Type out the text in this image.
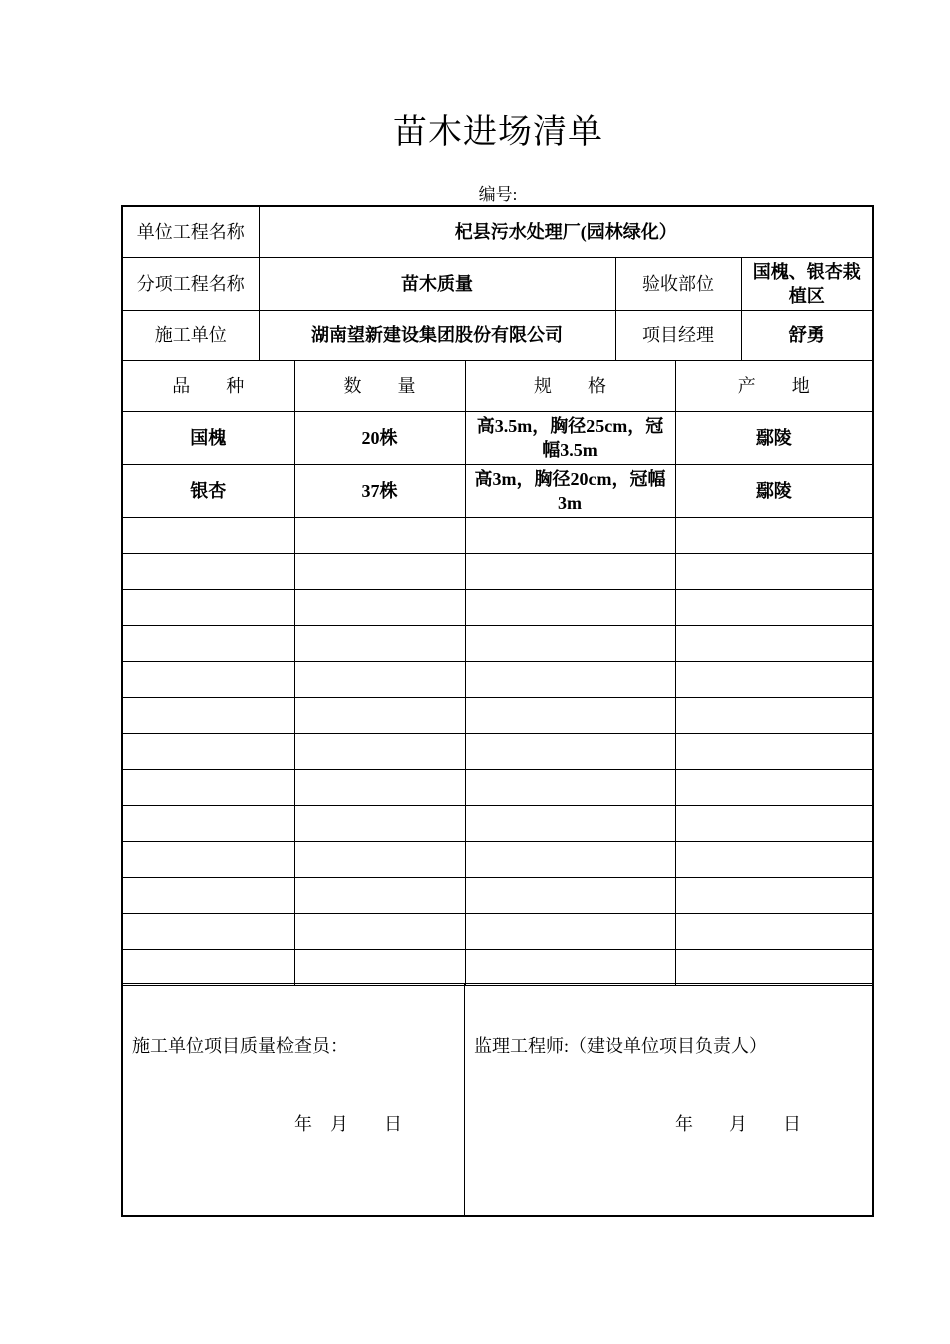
苗木进场清单
编号:
单位工程名称	杞县污水处理厂(园林绿化）		
分项工程名称	苗木质量	验收部位	国槐、银杏栽植区
施工单位	湖南望新建设集团股份有限公司	项目经理	舒勇
品　　种	数　　量	规　　格	产　　地
国槐	20株	高3.5m，胸径25cm，冠幅3.5m	鄢陵
银杏	37株	高3m，胸径20cm，冠幅3m	鄢陵

施工单位项目质量检查员：
年　月　　日
监理工程师:（建设单位项目负责人）
年　　月　　日
